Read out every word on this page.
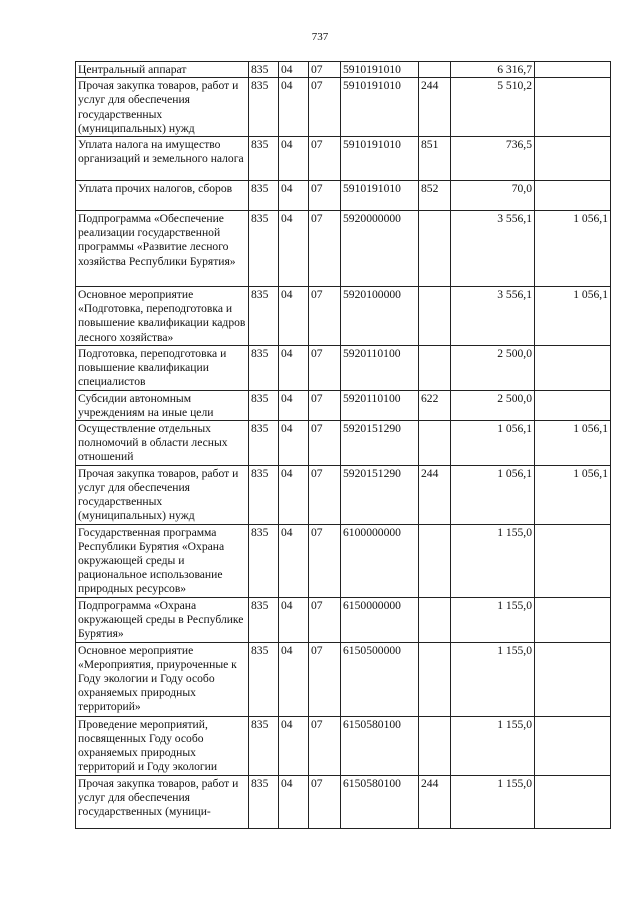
737
Центральный аппарат	835	04	07	5910191010		6 316,7	
Прочая закупка товаров, работ и услуг для обеспечения государственных (муниципальных) нужд	835	04	07	5910191010	244	5 510,2	
Уплата налога на имущество организаций и земельного налога	835	04	07	5910191010	851	736,5	
Уплата прочих налогов, сборов	835	04	07	5910191010	852	70,0	
Подпрограмма «Обеспечение реализации государственной программы «Развитие лесного хозяйства Республики Бурятия»	835	04	07	5920000000		3 556,1	1 056,1
Основное мероприятие «Подготовка, переподготовка и повышение квалификации кадров лесного хозяйства»	835	04	07	5920100000		3 556,1	1 056,1
Подготовка, переподготовка и повышение квалификации специалистов	835	04	07	5920110100		2 500,0	
Субсидии автономным учреждениям на иные цели	835	04	07	5920110100	622	2 500,0	
Осуществление отдельных полномочий в области лесных отношений	835	04	07	5920151290		1 056,1	1 056,1
Прочая закупка товаров, работ и услуг для обеспечения государственных (муниципальных) нужд	835	04	07	5920151290	244	1 056,1	1 056,1
Государственная программа Республики Бурятия «Охрана окружающей среды и рациональное использование природных ресурсов»	835	04	07	6100000000		1 155,0	
Подпрограмма «Охрана окружающей среды в Республике Бурятия»	835	04	07	6150000000		1 155,0	
Основное мероприятие «Мероприятия, приуроченные к Году экологии и Году особо охраняемых природных территорий»	835	04	07	6150500000		1 155,0	
Проведение мероприятий, посвященных Году особо охраняемых природных территорий и Году экологии	835	04	07	6150580100		1 155,0	
Прочая закупка товаров, работ и услуг для обеспечения государственных (муници-	835	04	07	6150580100	244	1 155,0	
